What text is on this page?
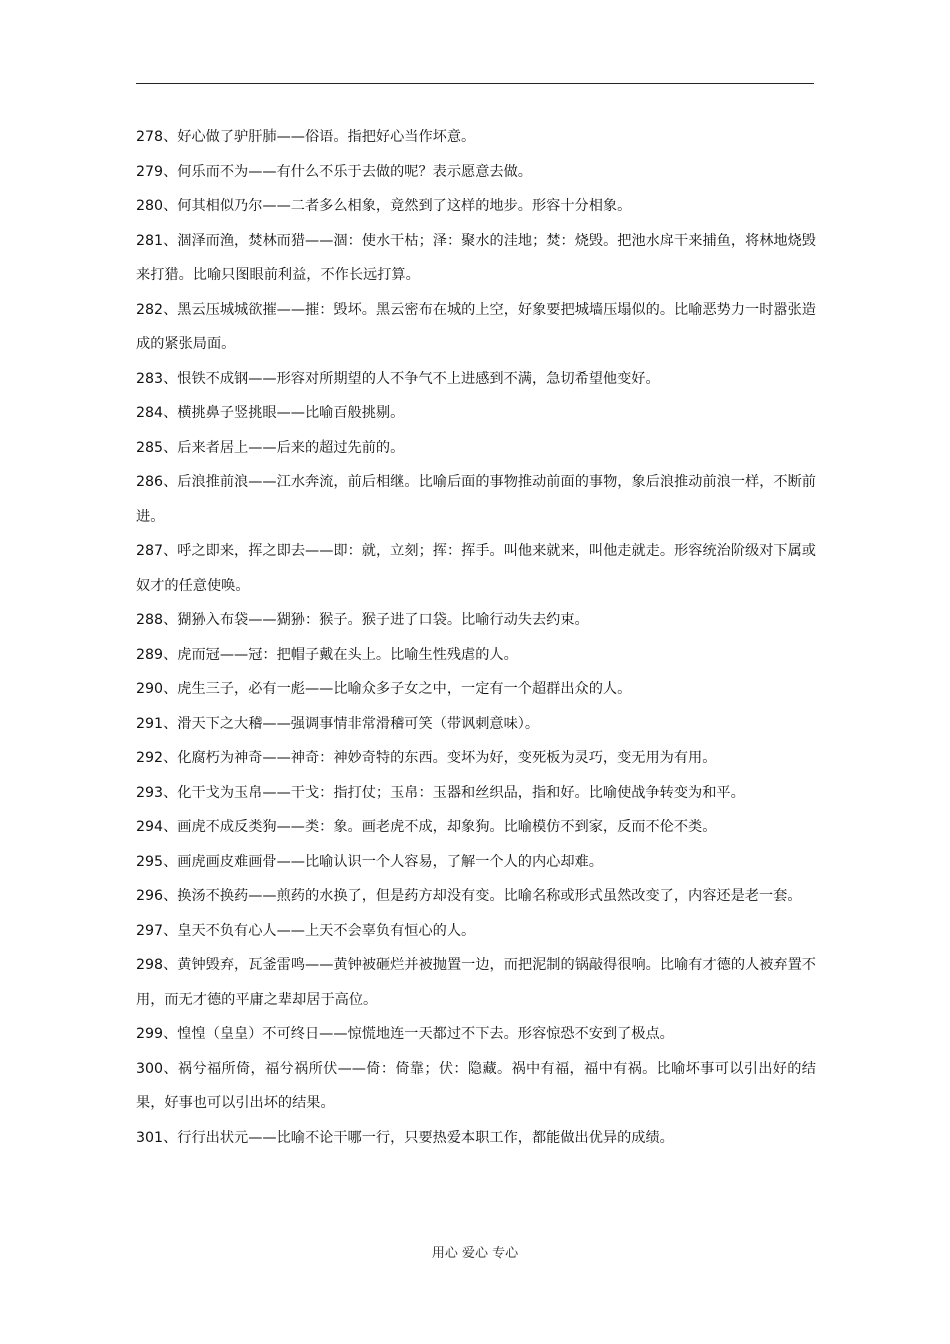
278、好心做了驴肝肺——俗语。指把好心当作坏意。

279、何乐而不为——有什么不乐于去做的呢？表示愿意去做。

280、何其相似乃尔——二者多么相象，竟然到了这样的地步。形容十分相象。

281、涸泽而渔，焚林而猎——涸：使水干枯；泽：聚水的洼地；焚：烧毁。把池水戽干来捕鱼，将林地烧毁来打猎。比喻只图眼前利益，不作长远打算。

282、黑云压城城欲摧——摧：毁坏。黑云密布在城的上空，好象要把城墙压塌似的。比喻恶势力一时嚣张造成的紧张局面。

283、恨铁不成钢——形容对所期望的人不争气不上进感到不满，急切希望他变好。

284、横挑鼻子竖挑眼——比喻百般挑剔。

285、后来者居上——后来的超过先前的。

286、后浪推前浪——江水奔流，前后相继。比喻后面的事物推动前面的事物，象后浪推动前浪一样，不断前进。

287、呼之即来，挥之即去——即：就，立刻；挥：挥手。叫他来就来，叫他走就走。形容统治阶级对下属或奴才的任意使唤。

288、猢狲入布袋——猢狲：猴子。猴子进了口袋。比喻行动失去约束。

289、虎而冠——冠：把帽子戴在头上。比喻生性残虐的人。

290、虎生三子，必有一彪——比喻众多子女之中，一定有一个超群出众的人。

291、滑天下之大稽——强调事情非常滑稽可笑（带讽刺意味）。

292、化腐朽为神奇——神奇：神妙奇特的东西。变坏为好，变死板为灵巧，变无用为有用。

293、化干戈为玉帛——干戈：指打仗；玉帛：玉器和丝织品，指和好。比喻使战争转变为和平。

294、画虎不成反类狗——类：象。画老虎不成，却象狗。比喻模仿不到家，反而不伦不类。

295、画虎画皮难画骨——比喻认识一个人容易，了解一个人的内心却难。

296、换汤不换药——煎药的水换了，但是药方却没有变。比喻名称或形式虽然改变了，内容还是老一套。

297、皇天不负有心人——上天不会辜负有恒心的人。

298、黄钟毁弃，瓦釜雷鸣——黄钟被砸烂并被抛置一边，而把泥制的锅敲得很响。比喻有才德的人被弃置不用，而无才德的平庸之辈却居于高位。

299、惶惶（皇皇）不可终日——惊慌地连一天都过不下去。形容惊恐不安到了极点。

300、祸兮福所倚，福兮祸所伏——倚：倚靠；伏：隐藏。祸中有福，福中有祸。比喻坏事可以引出好的结果，好事也可以引出坏的结果。

301、行行出状元——比喻不论干哪一行，只要热爱本职工作，都能做出优异的成绩。

用心 爱心 专心
